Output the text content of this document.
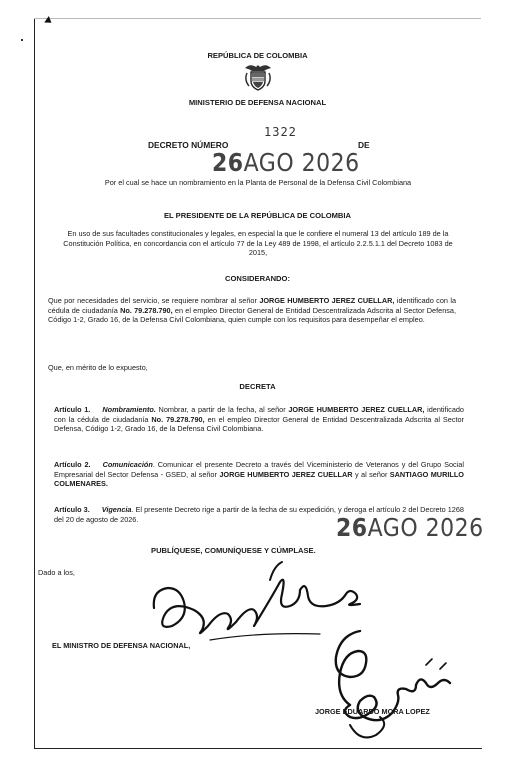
REPÚBLICA DE COLOMBIA
MINISTERIO DE DEFENSA NACIONAL
DECRETO NÚMERO
1322
DE
26AGO 2026
Por el cual se hace un nombramiento en la Planta de Personal de la Defensa Civil Colombiana
EL PRESIDENTE DE LA REPÚBLICA DE COLOMBIA
En uso de sus facultades constitucionales y legales, en especial la que le confiere el numeral 13 del artículo 189 de la Constitución Política, en concordancia con el artículo 77 de la Ley 489 de 1998, el artículo 2.2.5.1.1 del Decreto 1083 de 2015,
CONSIDERANDO:
Que por necesidades del servicio, se requiere nombrar al señor JORGE HUMBERTO JEREZ CUELLAR, identificado con la cédula de ciudadanía No. 79.278.790, en el empleo Director General de Entidad Descentralizada Adscrita al Sector Defensa, Código 1-2, Grado 16, de la Defensa Civil Colombiana, quien cumple con los requisitos para desempeñar el empleo.
Que, en mérito de lo expuesto,
DECRETA
Artículo 1. Nombramiento. Nombrar, a partir de la fecha, al señor JORGE HUMBERTO JEREZ CUELLAR, identificado con la cédula de ciudadanía No. 79.278.790, en el empleo Director General de Entidad Descentralizada Adscrita al Sector Defensa, Código 1-2, Grado 16, de la Defensa Civil Colombiana.
Artículo 2. Comunicación. Comunicar el presente Decreto a través del Viceministerio de Veteranos y del Grupo Social Empresarial del Sector Defensa - GSED, al señor JORGE HUMBERTO JEREZ CUELLAR y al señor SANTIAGO MURILLO COLMENARES.
Artículo 3. Vigencia. El presente Decreto rige a partir de la fecha de su expedición, y deroga el artículo 2 del Decreto 1268 del 20 de agosto de 2026.	26AGO 2026
PUBLÍQUESE, COMUNÍQUESE Y CÚMPLASE.
Dado a los,
EL MINISTRO DE DEFENSA NACIONAL,
JORGE EDUARDO MORA LOPEZ
